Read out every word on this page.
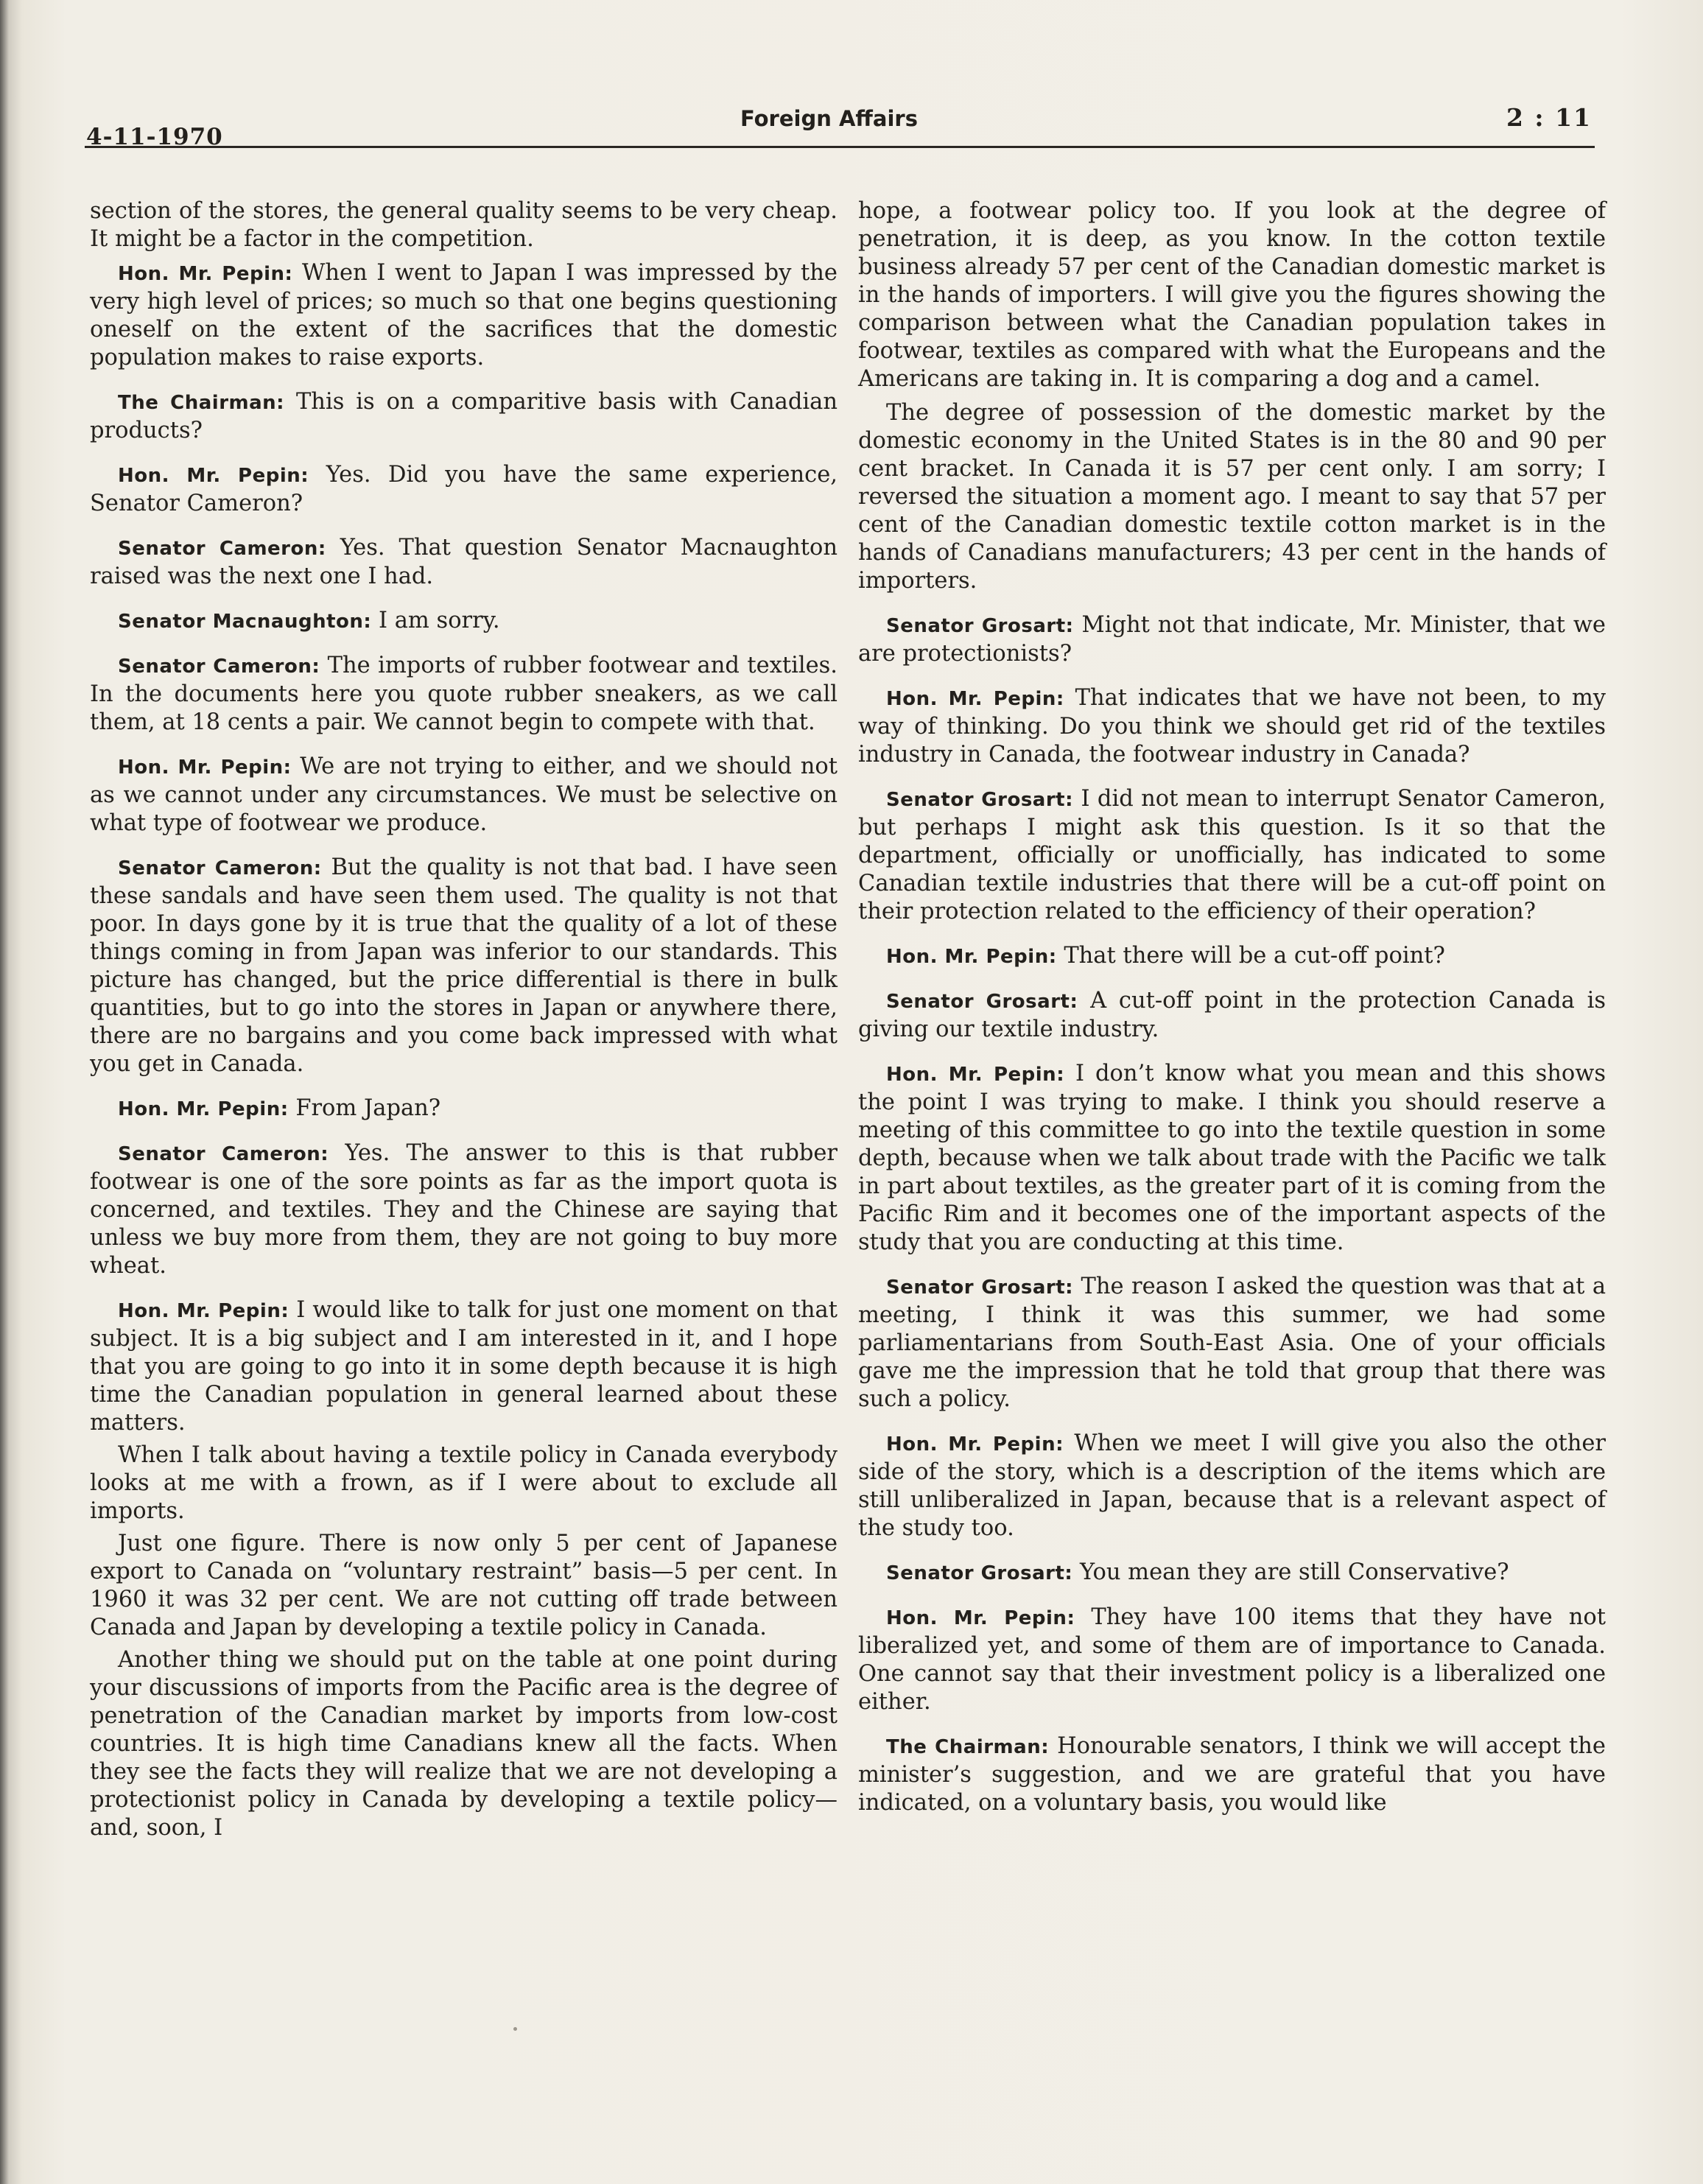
4-11-1970
Foreign Affairs	2 : 11

section of the stores, the general quality seems to be very cheap. It might be a factor in the competition.

Hon. Mr. Pepin: When I went to Japan I was impressed by the very high level of prices; so much so that one begins questioning oneself on the extent of the sacrifices that the domestic population makes to raise exports.

The Chairman: This is on a comparitive basis with Canadian products?

Hon. Mr. Pepin: Yes. Did you have the same experience, Senator Cameron?

Senator Cameron: Yes. That question Senator Macnaughton raised was the next one I had.

Senator Macnaughton: I am sorry.

Senator Cameron: The imports of rubber footwear and textiles. In the documents here you quote rubber sneakers, as we call them, at 18 cents a pair. We cannot begin to compete with that.

Hon. Mr. Pepin: We are not trying to either, and we should not as we cannot under any circumstances. We must be selective on what type of footwear we produce.

Senator Cameron: But the quality is not that bad. I have seen these sandals and have seen them used. The quality is not that poor. In days gone by it is true that the quality of a lot of these things coming in from Japan was inferior to our standards. This picture has changed, but the price differential is there in bulk quantities, but to go into the stores in Japan or anywhere there, there are no bargains and you come back impressed with what you get in Canada.

Hon. Mr. Pepin: From Japan?

Senator Cameron: Yes. The answer to this is that rubber footwear is one of the sore points as far as the import quota is concerned, and textiles. They and the Chinese are saying that unless we buy more from them, they are not going to buy more wheat.

Hon. Mr. Pepin: I would like to talk for just one moment on that subject. It is a big subject and I am interested in it, and I hope that you are going to go into it in some depth because it is high time the Canadian population in general learned about these matters.

When I talk about having a textile policy in Canada everybody looks at me with a frown, as if I were about to exclude all imports.

Just one figure. There is now only 5 per cent of Japanese export to Canada on “voluntary restraint” basis—5 per cent. In 1960 it was 32 per cent. We are not cutting off trade between Canada and Japan by developing a textile policy in Canada.

Another thing we should put on the table at one point during your discussions of imports from the Pacific area is the degree of penetration of the Canadian market by imports from low-cost countries. It is high time Canadians knew all the facts. When they see the facts they will realize that we are not developing a protectionist policy in Canada by developing a textile policy—and, soon, I

hope, a footwear policy too. If you look at the degree of penetration, it is deep, as you know. In the cotton textile business already 57 per cent of the Canadian domestic market is in the hands of importers. I will give you the figures showing the comparison between what the Canadian population takes in footwear, textiles as compared with what the Europeans and the Americans are taking in. It is comparing a dog and a camel.

The degree of possession of the domestic market by the domestic economy in the United States is in the 80 and 90 per cent bracket. In Canada it is 57 per cent only. I am sorry; I reversed the situation a moment ago. I meant to say that 57 per cent of the Canadian domestic textile cotton market is in the hands of Canadians manufacturers; 43 per cent in the hands of importers.

Senator Grosart: Might not that indicate, Mr. Minister, that we are protectionists?

Hon. Mr. Pepin: That indicates that we have not been, to my way of thinking. Do you think we should get rid of the textiles industry in Canada, the footwear industry in Canada?

Senator Grosart: I did not mean to interrupt Senator Cameron, but perhaps I might ask this question. Is it so that the department, officially or unofficially, has indicated to some Canadian textile industries that there will be a cut-off point on their protection related to the efficiency of their operation?

Hon. Mr. Pepin: That there will be a cut-off point?

Senator Grosart: A cut-off point in the protection Canada is giving our textile industry.

Hon. Mr. Pepin: I don’t know what you mean and this shows the point I was trying to make. I think you should reserve a meeting of this committee to go into the textile question in some depth, because when we talk about trade with the Pacific we talk in part about textiles, as the greater part of it is coming from the Pacific Rim and it becomes one of the important aspects of the study that you are conducting at this time.

Senator Grosart: The reason I asked the question was that at a meeting, I think it was this summer, we had some parliamentarians from South-East Asia. One of your officials gave me the impression that he told that group that there was such a policy.

Hon. Mr. Pepin: When we meet I will give you also the other side of the story, which is a description of the items which are still unliberalized in Japan, because that is a relevant aspect of the study too.

Senator Grosart: You mean they are still Conservative?

Hon. Mr. Pepin: They have 100 items that they have not liberalized yet, and some of them are of importance to Canada. One cannot say that their investment policy is a liberalized one either.

The Chairman: Honourable senators, I think we will accept the minister’s suggestion, and we are grateful that you have indicated, on a voluntary basis, you would like
